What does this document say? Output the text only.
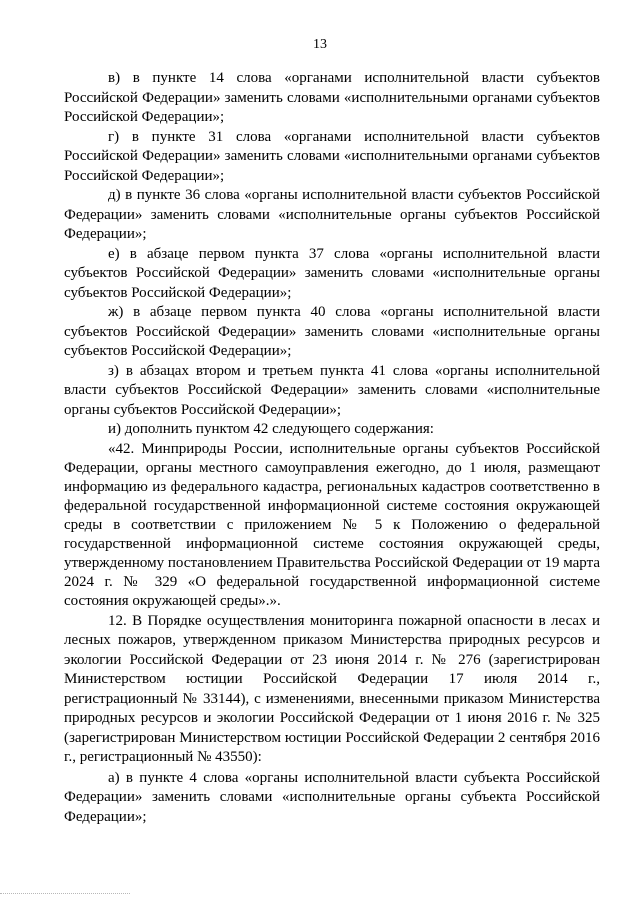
13

в) в пункте 14 слова «органами исполнительной власти субъектов Российской Федерации» заменить словами «исполнительными органами субъектов Российской Федерации»;

г) в пункте 31 слова «органами исполнительной власти субъектов Российской Федерации» заменить словами «исполнительными органами субъектов Российской Федерации»;

д) в пункте 36 слова «органы исполнительной власти субъектов Российской Федерации» заменить словами «исполнительные органы субъектов Российской Федерации»;

е) в абзаце первом пункта 37 слова «органы исполнительной власти субъектов Российской Федерации» заменить словами «исполнительные органы субъектов Российской Федерации»;

ж) в абзаце первом пункта 40 слова «органы исполнительной власти субъектов Российской Федерации» заменить словами «исполнительные органы субъектов Российской Федерации»;

з) в абзацах втором и третьем пункта 41 слова «органы исполнительной власти субъектов Российской Федерации» заменить словами «исполнительные органы субъектов Российской Федерации»;

и) дополнить пунктом 42 следующего содержания:

«42. Минприроды России, исполнительные органы субъектов Российской Федерации, органы местного самоуправления ежегодно, до 1 июля, размещают информацию из федерального кадастра, региональных кадастров соответственно в федеральной государственной информационной системе состояния окружающей среды в соответствии с приложением № 5 к Положению о федеральной государственной информационной системе состояния окружающей среды, утвержденному постановлением Правительства Российской Федерации от 19 марта 2024 г. № 329 «О федеральной государственной информационной системе состояния окружающей среды».».

12. В Порядке осуществления мониторинга пожарной опасности в лесах и лесных пожаров, утвержденном приказом Министерства природных ресурсов и экологии Российской Федерации от 23 июня 2014 г. № 276 (зарегистрирован Министерством юстиции Российской Федерации 17 июля 2014 г., регистрационный № 33144), с изменениями, внесенными приказом Министерства природных ресурсов и экологии Российской Федерации от 1 июня 2016 г. № 325 (зарегистрирован Министерством юстиции Российской Федерации 2 сентября 2016 г., регистрационный № 43550):

а) в пункте 4 слова «органы исполнительной власти субъекта Российской Федерации» заменить словами «исполнительные органы субъекта Российской Федерации»;
